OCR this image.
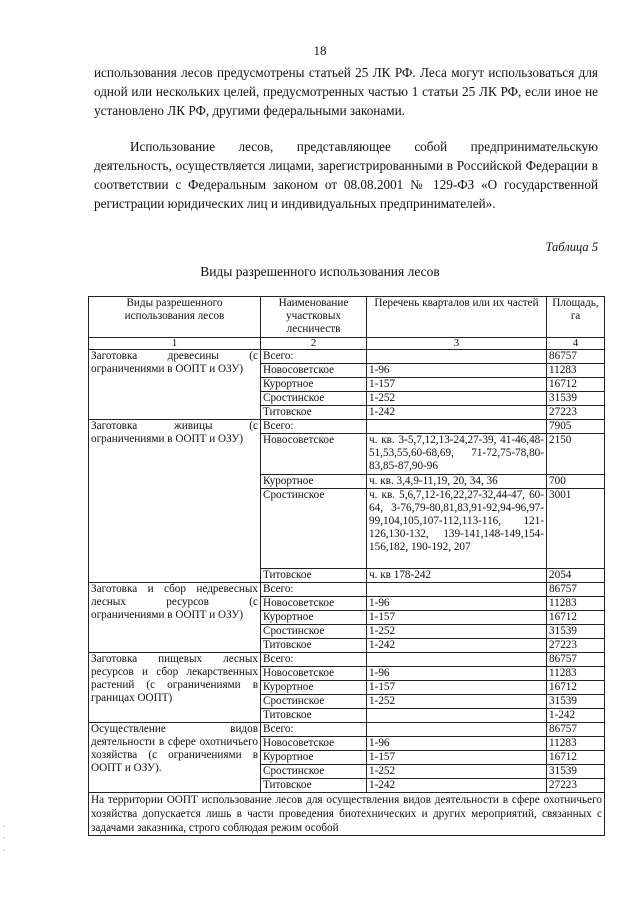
18

использования лесов предусмотрены статьей 25 ЛК РФ. Леса могут использоваться для одной или нескольких целей, предусмотренных частью 1 статьи 25 ЛК РФ, если иное не установлено ЛК РФ, другими федеральными законами.

Использование лесов, представляющее собой предпринимательскую деятельность, осуществляется лицами, зарегистрированными в Российской Федерации в соответствии с Федеральным законом от 08.08.2001 № 129-ФЗ «О государственной регистрации юридических лиц и индивидуальных предпринимателей».

Таблица 5
Виды разрешенного использования лесов
Виды разрешенного использования лесов	Наименование участковых лесничеств	Перечень кварталов или их частей	Площадь, га
1	2	3	4
Заготовка древесины (с ограничениями в ООПТ и ОЗУ)	Всего:		86757
	Новосоветское	1-96	11283
	Курортное	1-157	16712
	Сростинское	1-252	31539
	Титовское	1-242	27223
Заготовка живицы (с ограничениями в ООПТ и ОЗУ)	Всего:		7905
	Новосоветское	ч. кв. 3-5,7,12,13-24,27-39, 41-46,48-51,53,55,60-68,69, 71-72,75-78,80-83,85-87,90-96	2150
	Курортное	ч. кв. 3,4,9-11,19, 20, 34, 36	700
	Сростинское	ч. кв. 5,6,7,12-16,22,27-32,44-47, 60-64, 3-76,79-80,81,83,91-92,94-96,97-99,104,105,107-112,113-116, 121-126,130-132, 139-141,148-149,154-156,182, 190-192, 207	3001
	Титовское	ч. кв 178-242	2054
Заготовка и сбор недревесных лесных ресурсов (с ограничениями в ООПТ и ОЗУ)	Всего:		86757
	Новосоветское	1-96	11283
	Курортное	1-157	16712
	Сростинское	1-252	31539
	Титовское	1-242	27223
Заготовка пищевых лесных ресурсов и сбор лекарственных растений (с ограничениями в границах ООПТ)	Всего:		86757
	Новосоветское	1-96	11283
	Курортное	1-157	16712
	Сростинское	1-252	31539
	Титовское		1-242
Осуществление видов деятельности в сфере охотничьего хозяйства (с ограничениями в ООПТ и ОЗУ).	Всего:		86757
	Новосоветское	1-96	11283
	Курортное	1-157	16712
	Сростинское	1-252	31539
	Титовское	1-242	27223
На территории ООПТ использование лесов для осуществления видов деятельности в сфере охотничьего хозяйства допускается лишь в части проведения биотехнических и других мероприятий, связанных с задачами заказника, строго соблюдая режим особой			
·
·
·
